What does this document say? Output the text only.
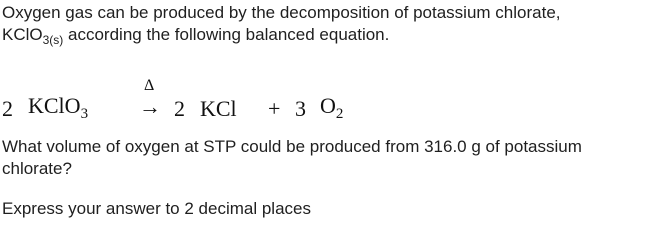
Oxygen gas can be produced by the decomposition of potassium chlorate,
KClO$_{3(s)}$ according the following balanced equation.
2 KClO$_3$
Δ
→ 2 KCl + 3 $O_2$
What volume of oxygen at STP could be produced from 316.0 g of potassium
chlorate?
Express your answer to 2 decimal places
